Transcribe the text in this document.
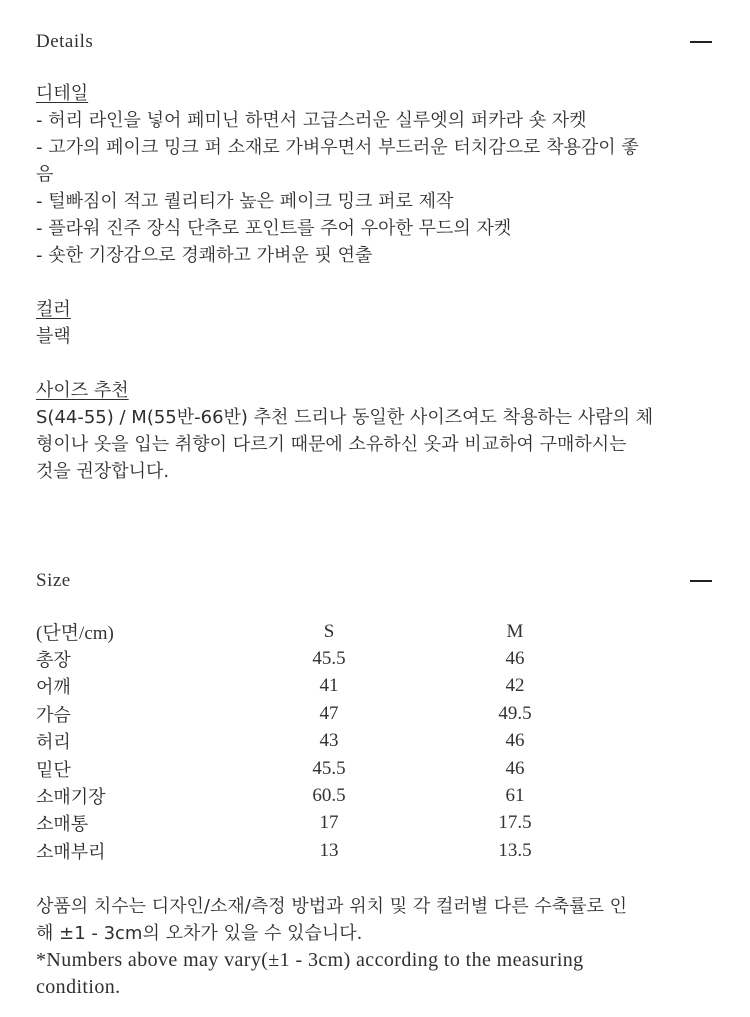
Details
디테일
- 허리 라인을 넣어 페미닌 하면서 고급스러운 실루엣의 퍼카라 숏 자켓
- 고가의 페이크 밍크 퍼 소재로 가벼우면서 부드러운 터치감으로 착용감이 좋
음
- 털빠짐이 적고 퀄리티가 높은 페이크 밍크 퍼로 제작
- 플라워 진주 장식 단추로 포인트를 주어 우아한 무드의 자켓
- 숏한 기장감으로 경쾌하고 가벼운 핏 연출
컬러
블랙
사이즈 추천
S(44-55) / M(55반-66반) 추천 드리나 동일한 사이즈여도 착용하는 사람의 체
형이나 옷을 입는 취향이 다르기 때문에 소유하신 옷과 비교하여 구매하시는
것을 권장합니다.
Size
(단면/cm)	S	M
총장	45.5	46
어깨	41	42
가슴	47	49.5
허리	43	46
밑단	45.5	46
소매기장	60.5	61
소매통	17	17.5
소매부리	13	13.5
상품의 치수는 디자인/소재/측정 방법과 위치 및 각 컬러별 다른 수축률로 인
해 ±1 - 3cm의 오차가 있을 수 있습니다.
*Numbers above may vary(±1 - 3cm) according to the measuring
condition.
